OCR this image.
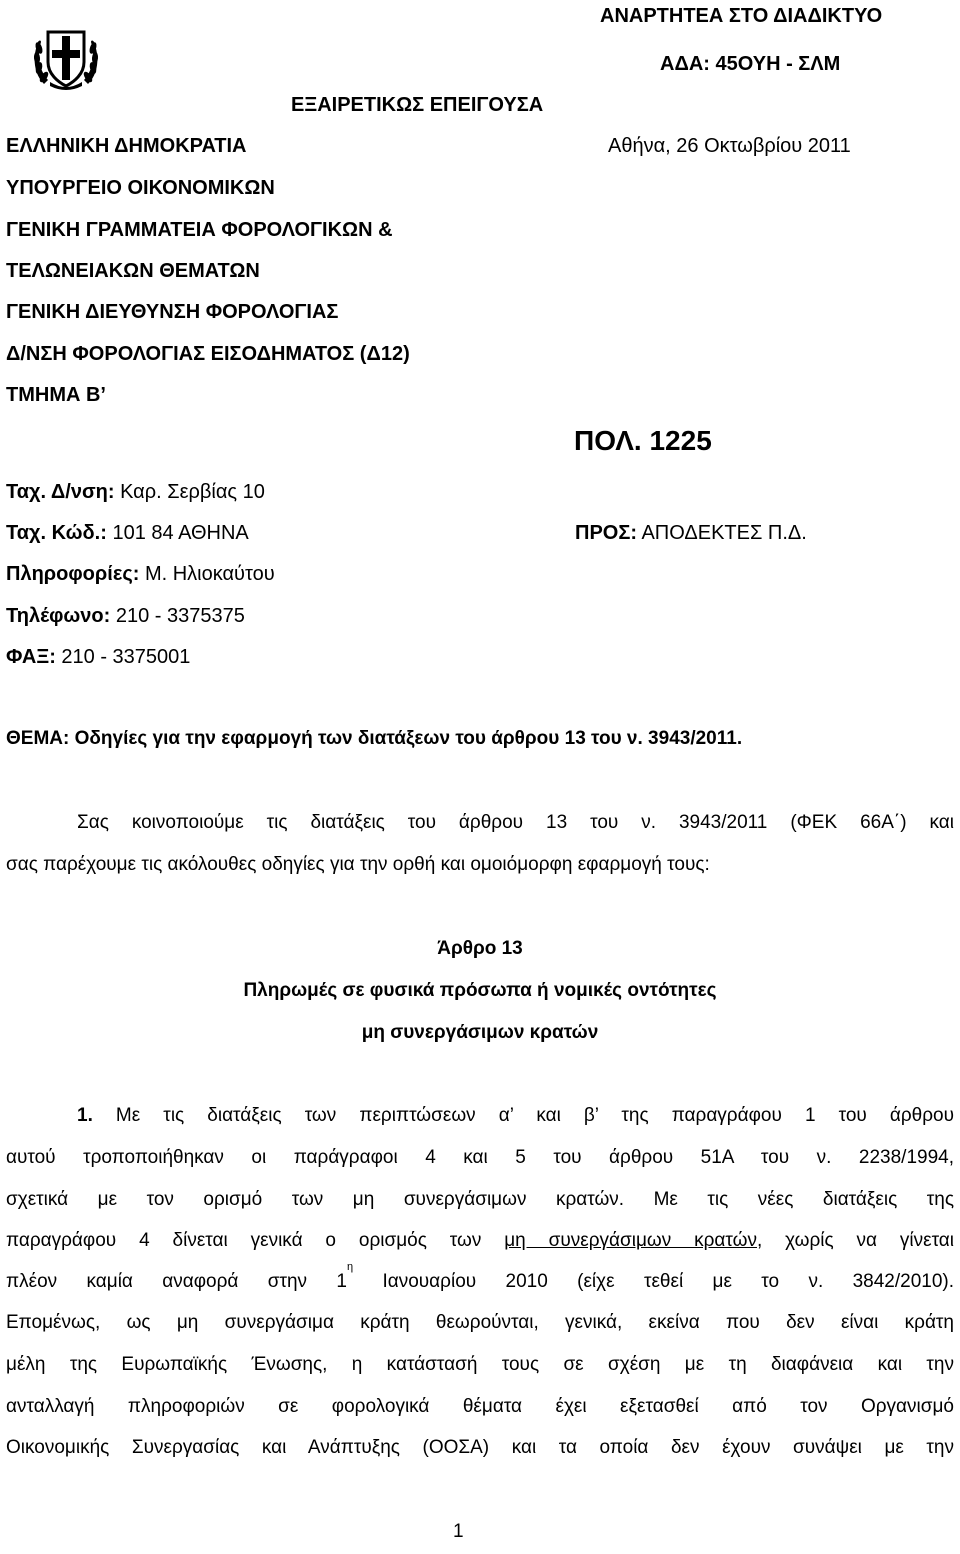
ΑΝΑΡΤΗΤΕΑ ΣΤΟ ΔΙΑΔΙΚΤΥΟ
ΑΔΑ: 45ΟΥΗ - ΣΛΜ
ΕΞΑΙΡΕΤΙΚΩΣ ΕΠΕΙΓΟΥΣΑ
ΕΛΛΗΝΙΚΗ ΔΗΜΟΚΡΑΤΙΑ	Αθήνα, 26 Οκτωβρίου 2011
ΥΠΟΥΡΓΕΙΟ ΟΙΚΟΝΟΜΙΚΩΝ
ΓΕΝΙΚΗ ΓΡΑΜΜΑΤΕΙΑ ΦΟΡΟΛΟΓΙΚΩΝ &
ΤΕΛΩΝΕΙΑΚΩΝ ΘΕΜΑΤΩΝ
ΓΕΝΙΚΗ ΔΙΕΥΘΥΝΣΗ ΦΟΡΟΛΟΓΙΑΣ
Δ/ΝΣΗ ΦΟΡΟΛΟΓΙΑΣ ΕΙΣΟΔΗΜΑΤΟΣ (Δ12)
ΤΜΗΜΑ Β’
ΠΟΛ. 1225
Ταχ. Δ/νση: Καρ. Σερβίας 10
Ταχ. Κώδ.: 101 84 ΑΘΗΝΑ	ΠΡΟΣ: ΑΠΟΔΕΚΤΕΣ Π.Δ.
Πληροφορίες: Μ. Ηλιοκαύτου
Τηλέφωνο: 210 - 3375375
ΦΑΞ: 210 - 3375001
ΘΕΜΑ: Οδηγίες για την εφαρμογή των διατάξεων του άρθρου 13 του ν. 3943/2011.
Σας κοινοποιούμε τις διατάξεις του άρθρου 13 του ν. 3943/2011 (ΦΕΚ 66Α΄) και
σας παρέχουμε τις ακόλουθες οδηγίες για την ορθή και ομοιόμορφη εφαρμογή τους:
Άρθρο 13
Πληρωμές σε φυσικά πρόσωπα ή νομικές οντότητες
μη συνεργάσιμων κρατών
1. Με τις διατάξεις των περιπτώσεων α’ και β’ της παραγράφου 1 του άρθρου
αυτού τροποποιήθηκαν οι παράγραφοι 4 και 5 του άρθρου 51Α του ν. 2238/1994,
σχετικά με τον ορισμό των μη συνεργάσιμων κρατών. Με τις νέες διατάξεις της
παραγράφου 4 δίνεται γενικά ο ορισμός των μη συνεργάσιμων κρατών, χωρίς να γίνεται
πλέον καμία αναφορά στην $1^\eta$ Ιανουαρίου 2010 (είχε τεθεί με το ν. 3842/2010).
Επομένως, ως μη συνεργάσιμα κράτη θεωρούνται, γενικά, εκείνα που δεν είναι κράτη
μέλη της Ευρωπαϊκής Ένωσης, η κατάστασή τους σε σχέση με τη διαφάνεια και την
ανταλλαγή πληροφοριών σε φορολογικά θέματα έχει εξετασθεί από τον Οργανισμό
Οικονομικής Συνεργασίας και Ανάπτυξης (ΟΟΣΑ) και τα οποία δεν έχουν συνάψει με την
1
